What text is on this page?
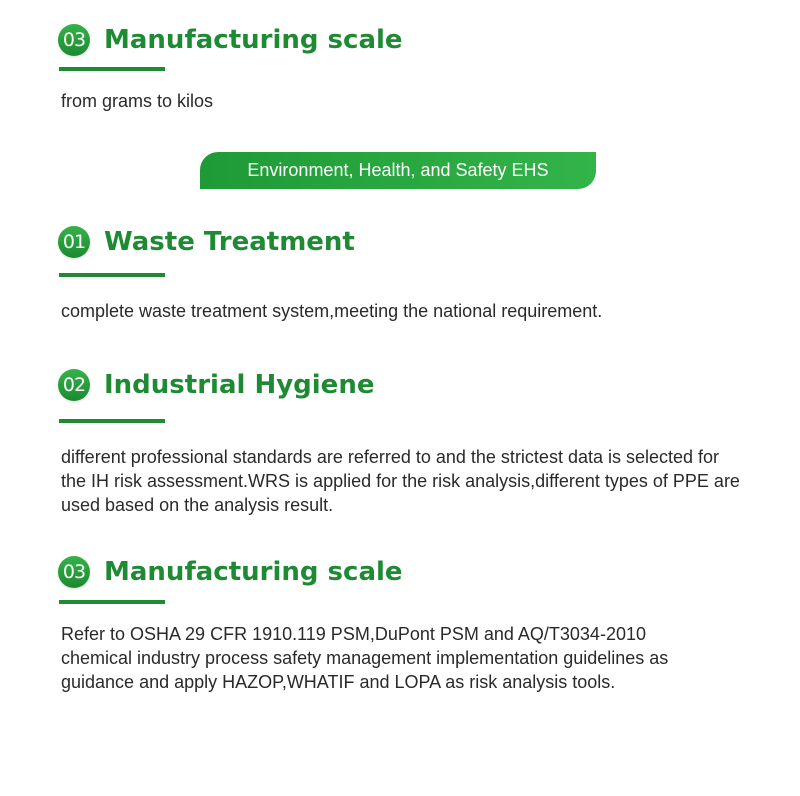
03 Manufacturing scale
from grams to kilos
Environment, Health, and Safety EHS
01 Waste Treatment
complete waste treatment system,meeting the national requirement.
02 Industrial Hygiene
different professional standards are referred to and the strictest data is selected for the IH risk assessment.WRS is applied for the risk analysis,different types of PPE are used based on the analysis result.
03 Manufacturing scale
Refer to OSHA 29 CFR 1910.119 PSM,DuPont PSM and AQ/T3034-2010 chemical industry process safety management implementation guidelines as guidance and apply HAZOP,WHATIF and LOPA as risk analysis tools.
